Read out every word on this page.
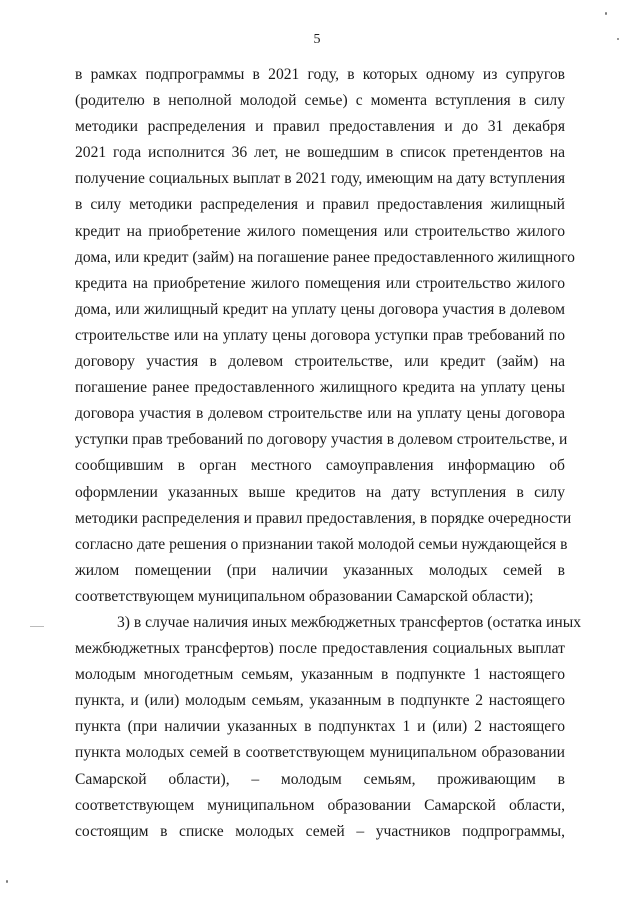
5
в рамках подпрограммы в 2021 году, в которых одному из супругов
(родителю в неполной молодой семье) с момента вступления в силу
методики распределения и правил предоставления и до 31 декабря
2021 года исполнится 36 лет, не вошедшим в список претендентов на
получение социальных выплат в 2021 году, имеющим на дату вступления
в силу методики распределения и правил предоставления жилищный
кредит на приобретение жилого помещения или строительство жилого
дома, или кредит (займ) на погашение ранее предоставленного жилищного
кредита на приобретение жилого помещения или строительство жилого
дома, или жилищный кредит на уплату цены договора участия в долевом
строительстве или на уплату цены договора уступки прав требований по
договору участия в долевом строительстве, или кредит (займ) на
погашение ранее предоставленного жилищного кредита на уплату цены
договора участия в долевом строительстве или на уплату цены договора
уступки прав требований по договору участия в долевом строительстве, и
сообщившим в орган местного самоуправления информацию об
оформлении указанных выше кредитов на дату вступления в силу
методики распределения и правил предоставления, в порядке очередности
согласно дате решения о признании такой молодой семьи нуждающейся в
жилом помещении (при наличии указанных молодых семей в
соответствующем муниципальном образовании Самарской области);
3) в случае наличия иных межбюджетных трансфертов (остатка иных
межбюджетных трансфертов) после предоставления социальных выплат
молодым многодетным семьям, указанным в подпункте 1 настоящего
пункта, и (или) молодым семьям, указанным в подпункте 2 настоящего
пункта (при наличии указанных в подпунктах 1 и (или) 2 настоящего
пункта молодых семей в соответствующем муниципальном образовании
Самарской области), – молодым семьям, проживающим в
соответствующем муниципальном образовании Самарской области,
состоящим в списке молодых семей – участников подпрограммы,
